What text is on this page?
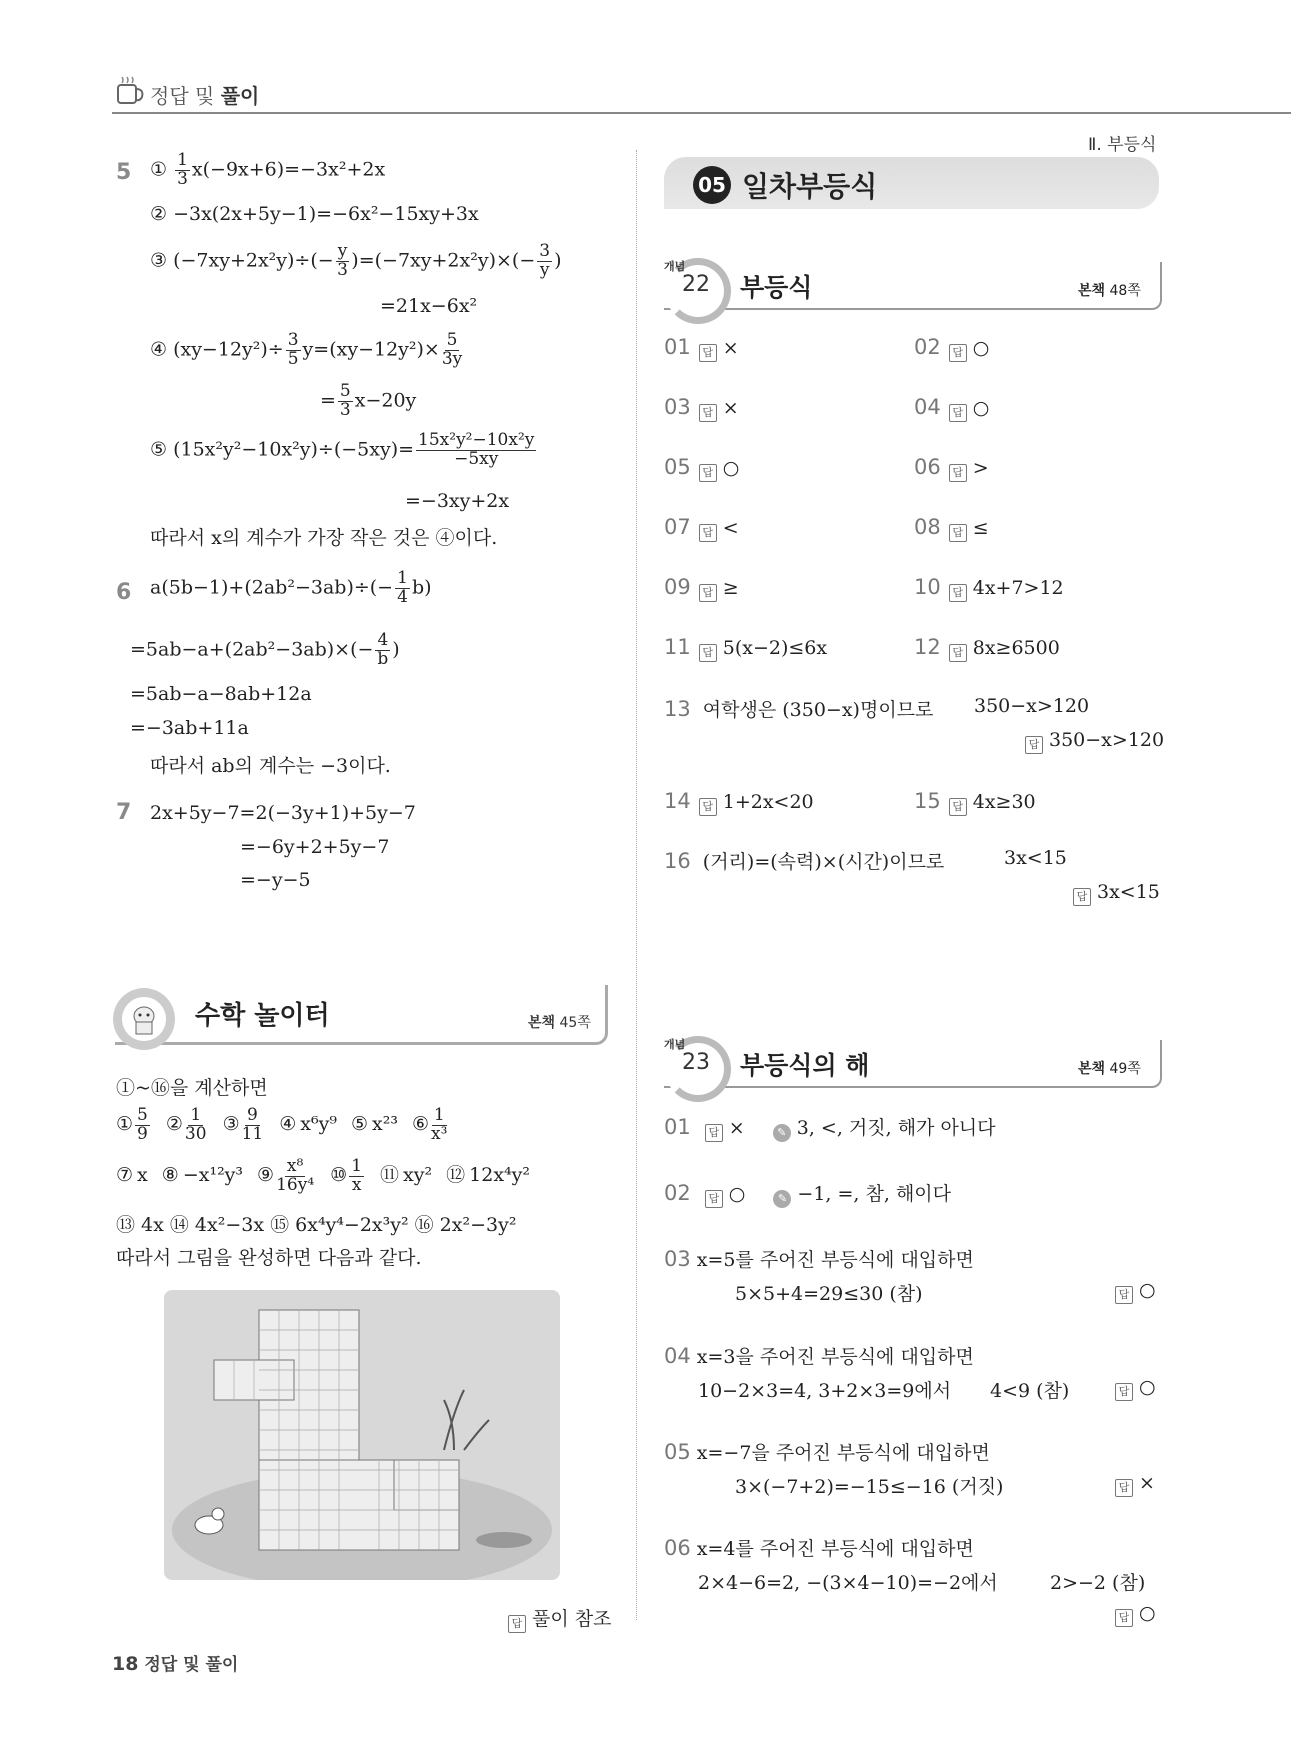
정답 및 풀이
Ⅱ. 부등식
5 ① $\frac{1}{3} x(-9x+6)=-3x^2+2x$
② −3x(2x+5y−1)=−6x²−15xy+3x
③ $(-7xy+2x^2y)\div(- \frac{y}{3} )=(-7xy+2x^2y)\times(- \frac{3}{y}$ )
=21x−6x²
④ $(xy-12y^2)\div \frac{3}{5} y=(xy-12y^2)\times \frac{5}{3y}$
= $\frac{5}{3} x-20y$
⑤ $(15x^2y^2-10x^2y)\div(-5xy)= \frac{\text{15x²y²−10x²y}}{-5xy}$
=−3xy+2x
따라서 x의 계수가 가장 작은 것은 ④이다.
6 $a(5b-1)+(2ab^2-3ab)\div(- \frac{1}{4} b)$
$=5ab-a+(2ab^2-3ab)\times(- \frac{4}{b}$ )
=5ab−a−8ab+12a
=−3ab+11a
따라서 ab의 계수는 −3이다.
7 2x+5y−7=2(−3y+1)+5y−7
=−6y+2+5y−7
=−y−5
수학 놀이터	본책 45쪽
①~⑯을 계산하면
① $\frac{5}{9}$ ② $\frac{1}{30}$ ③ $\frac{9}{11}$ ④ x⁶y⁹ ⑤ x²³ ⑥ $\frac{1}{\text{x³}}$
⑦ x ⑧ −x¹²y³ ⑨ $\frac{\text{x⁸}}{\text{16y⁴}}$ ⑩ $\frac{1}{x}$ ⑪ xy² ⑫ 12x⁴y²
⑬ 4x ⑭ 4x²−3x ⑮ 6x⁴y⁴−2x³y² ⑯ 2x²−3y²
따라서 그림을 완성하면 다음과 같다.
답 풀이 참조
18 정답 및 풀이
05 일차부등식
개념
22 부등식	본책 48쪽
01 답 ×	02 답 ○
03 답 ×	04 답 ○
05 답 ○	06 답 >
07 답 <	08 답 ≤
09 답 ≥	10 답 4x+7>12
11 답 5(x−2)≤6x	12 답 8x≥6500
13 여학생은 (350−x)명이므로 350−x>120
답 350−x>120
14 답 1+2x<20	15 답 4x≥30
16 (거리)=(속력)×(시간)이므로	3x<15
답 3x<15
개념
23 부등식의 해	본책 49쪽
01 답 ×	✎ 3, <, 거짓, 해가 아니다
02 답 ○	✎ −1, =, 참, 해이다
03 x=5를 주어진 부등식에 대입하면
5×5+4=29≤30 (참)	답 ○
04 x=3을 주어진 부등식에 대입하면
10−2×3=4, 3+2×3=9에서 4<9 (참)	답 ○
05 x=−7을 주어진 부등식에 대입하면
3×(−7+2)=−15≤−16 (거짓)	답 ×
06 x=4를 주어진 부등식에 대입하면
2×4−6=2, −(3×4−10)=−2에서	2>−2 (참)
답 ○
